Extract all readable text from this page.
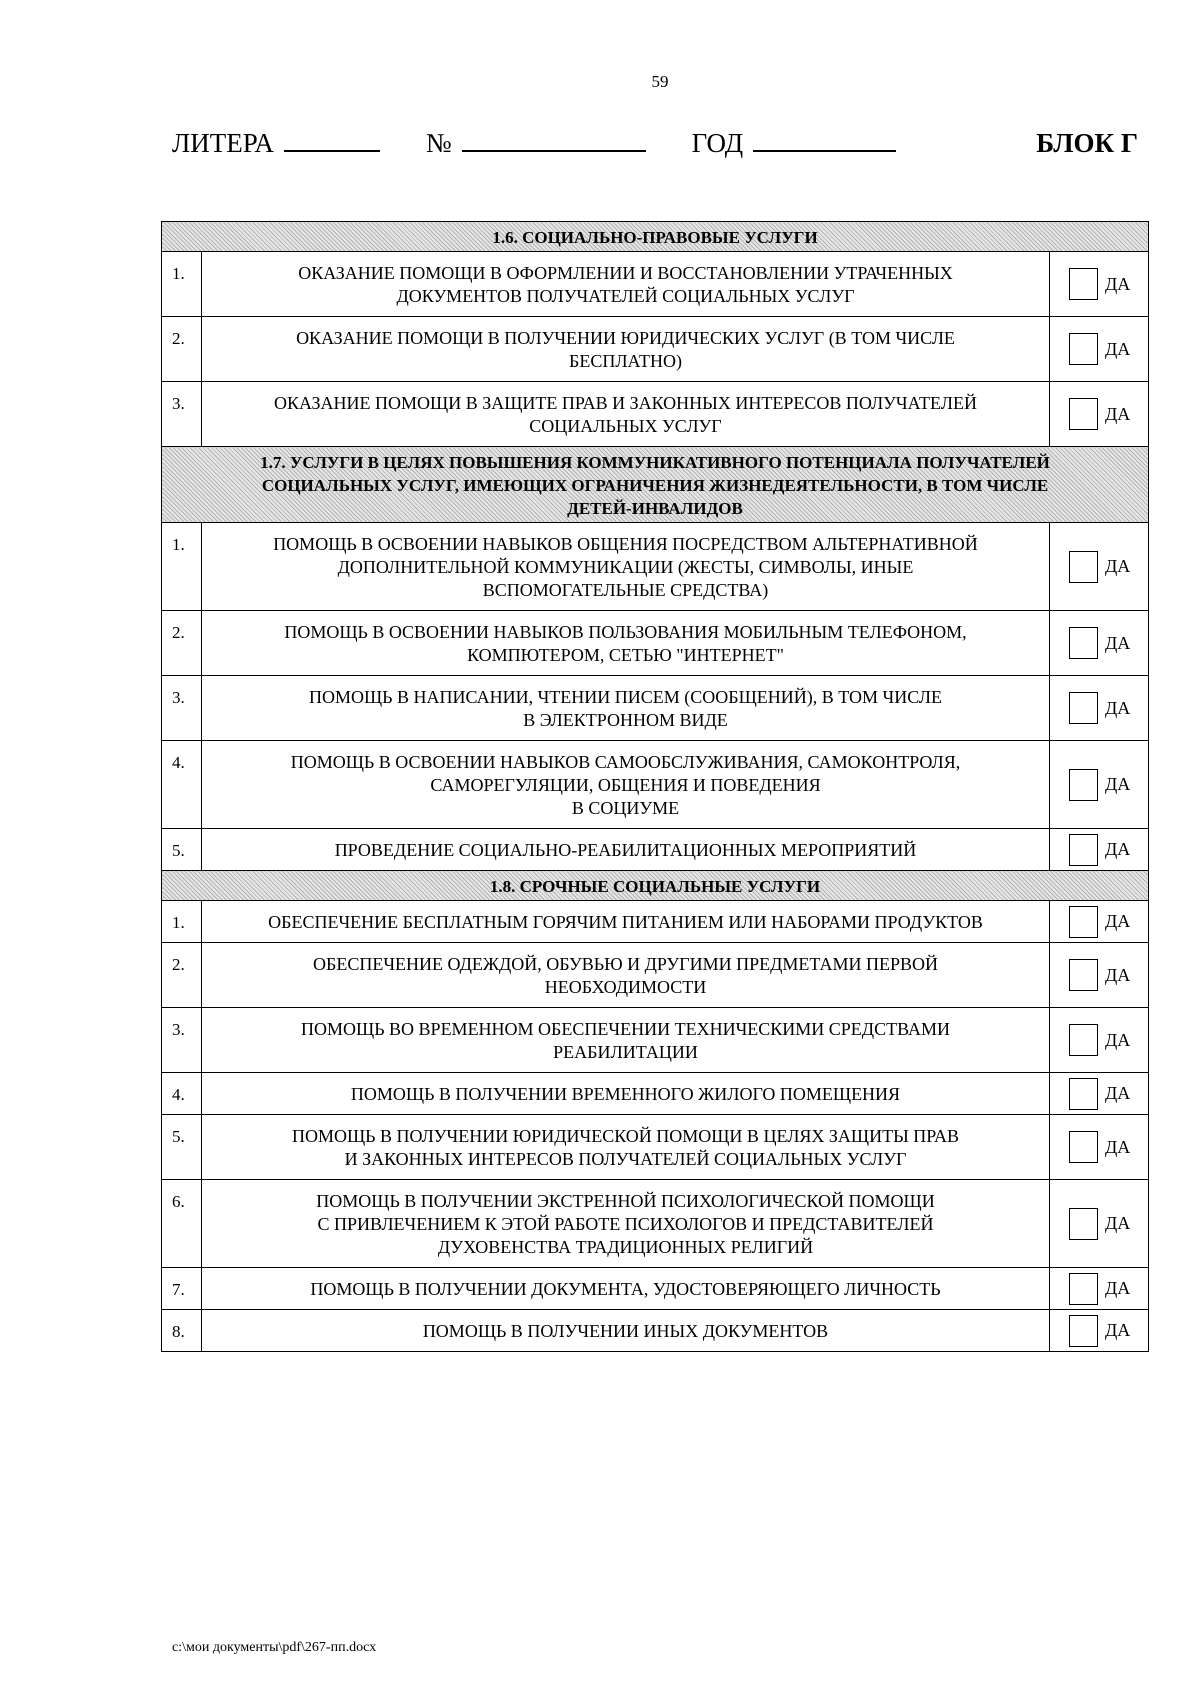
59
ЛИТЕРА	№	ГОД	БЛОК Г
1.6. СОЦИАЛЬНО-ПРАВОВЫЕ УСЛУГИ		

1.	ОКАЗАНИЕ ПОМОЩИ В ОФОРМЛЕНИИ И ВОССТАНОВЛЕНИИ УТРАЧЕННЫХ
ДОКУМЕНТОВ ПОЛУЧАТЕЛЕЙ СОЦИАЛЬНЫХ УСЛУГ	ДА

2.	ОКАЗАНИЕ ПОМОЩИ В ПОЛУЧЕНИИ ЮРИДИЧЕСКИХ УСЛУГ (В ТОМ ЧИСЛЕ
БЕСПЛАТНО)	ДА

3.	ОКАЗАНИЕ ПОМОЩИ В ЗАЩИТЕ ПРАВ И ЗАКОННЫХ ИНТЕРЕСОВ ПОЛУЧАТЕЛЕЙ
СОЦИАЛЬНЫХ УСЛУГ	ДА

1.7. УСЛУГИ В ЦЕЛЯХ ПОВЫШЕНИЯ КОММУНИКАТИВНОГО ПОТЕНЦИАЛА ПОЛУЧАТЕЛЕЙ
СОЦИАЛЬНЫХ УСЛУГ, ИМЕЮЩИХ ОГРАНИЧЕНИЯ ЖИЗНЕДЕЯТЕЛЬНОСТИ, В ТОМ ЧИСЛЕ
ДЕТЕЙ-ИНВАЛИДОВ		

1.	ПОМОЩЬ В ОСВОЕНИИ НАВЫКОВ ОБЩЕНИЯ ПОСРЕДСТВОМ АЛЬТЕРНАТИВНОЙ
ДОПОЛНИТЕЛЬНОЙ КОММУНИКАЦИИ (ЖЕСТЫ, СИМВОЛЫ, ИНЫЕ
ВСПОМОГАТЕЛЬНЫЕ СРЕДСТВА)	ДА

2.	ПОМОЩЬ В ОСВОЕНИИ НАВЫКОВ ПОЛЬЗОВАНИЯ МОБИЛЬНЫМ ТЕЛЕФОНОМ,
КОМПЮТЕРОМ, СЕТЬЮ "ИНТЕРНЕТ"	ДА

3.	ПОМОЩЬ В НАПИСАНИИ, ЧТЕНИИ ПИСЕМ (СООБЩЕНИЙ), В ТОМ ЧИСЛЕ
В ЭЛЕКТРОННОМ ВИДЕ	ДА

4.	ПОМОЩЬ В ОСВОЕНИИ НАВЫКОВ САМООБСЛУЖИВАНИЯ, САМОКОНТРОЛЯ,
САМОРЕГУЛЯЦИИ, ОБЩЕНИЯ И ПОВЕДЕНИЯ
В СОЦИУМЕ	ДА

5.	ПРОВЕДЕНИЕ СОЦИАЛЬНО-РЕАБИЛИТАЦИОННЫХ МЕРОПРИЯТИЙ	ДА

1.8. СРОЧНЫЕ СОЦИАЛЬНЫЕ УСЛУГИ		

1.	ОБЕСПЕЧЕНИЕ БЕСПЛАТНЫМ ГОРЯЧИМ ПИТАНИЕМ ИЛИ НАБОРАМИ ПРОДУКТОВ	ДА

2.	ОБЕСПЕЧЕНИЕ ОДЕЖДОЙ, ОБУВЬЮ И ДРУГИМИ ПРЕДМЕТАМИ ПЕРВОЙ
НЕОБХОДИМОСТИ	ДА

3.	ПОМОЩЬ ВО ВРЕМЕННОМ ОБЕСПЕЧЕНИИ ТЕХНИЧЕСКИМИ СРЕДСТВАМИ
РЕАБИЛИТАЦИИ	ДА

4.	ПОМОЩЬ В ПОЛУЧЕНИИ ВРЕМЕННОГО ЖИЛОГО ПОМЕЩЕНИЯ	ДА

5.	ПОМОЩЬ В ПОЛУЧЕНИИ ЮРИДИЧЕСКОЙ ПОМОЩИ В ЦЕЛЯХ ЗАЩИТЫ ПРАВ
И ЗАКОННЫХ ИНТЕРЕСОВ ПОЛУЧАТЕЛЕЙ СОЦИАЛЬНЫХ УСЛУГ	ДА

6.	ПОМОЩЬ В ПОЛУЧЕНИИ ЭКСТРЕННОЙ ПСИХОЛОГИЧЕСКОЙ ПОМОЩИ
С ПРИВЛЕЧЕНИЕМ К ЭТОЙ РАБОТЕ ПСИХОЛОГОВ И ПРЕДСТАВИТЕЛЕЙ
ДУХОВЕНСТВА ТРАДИЦИОННЫХ РЕЛИГИЙ	ДА

7.	ПОМОЩЬ В ПОЛУЧЕНИИ ДОКУМЕНТА, УДОСТОВЕРЯЮЩЕГО ЛИЧНОСТЬ	ДА

8.	ПОМОЩЬ В ПОЛУЧЕНИИ ИНЫХ ДОКУМЕНТОВ	ДА
c:\мои документы\pdf\267-пп.docx
